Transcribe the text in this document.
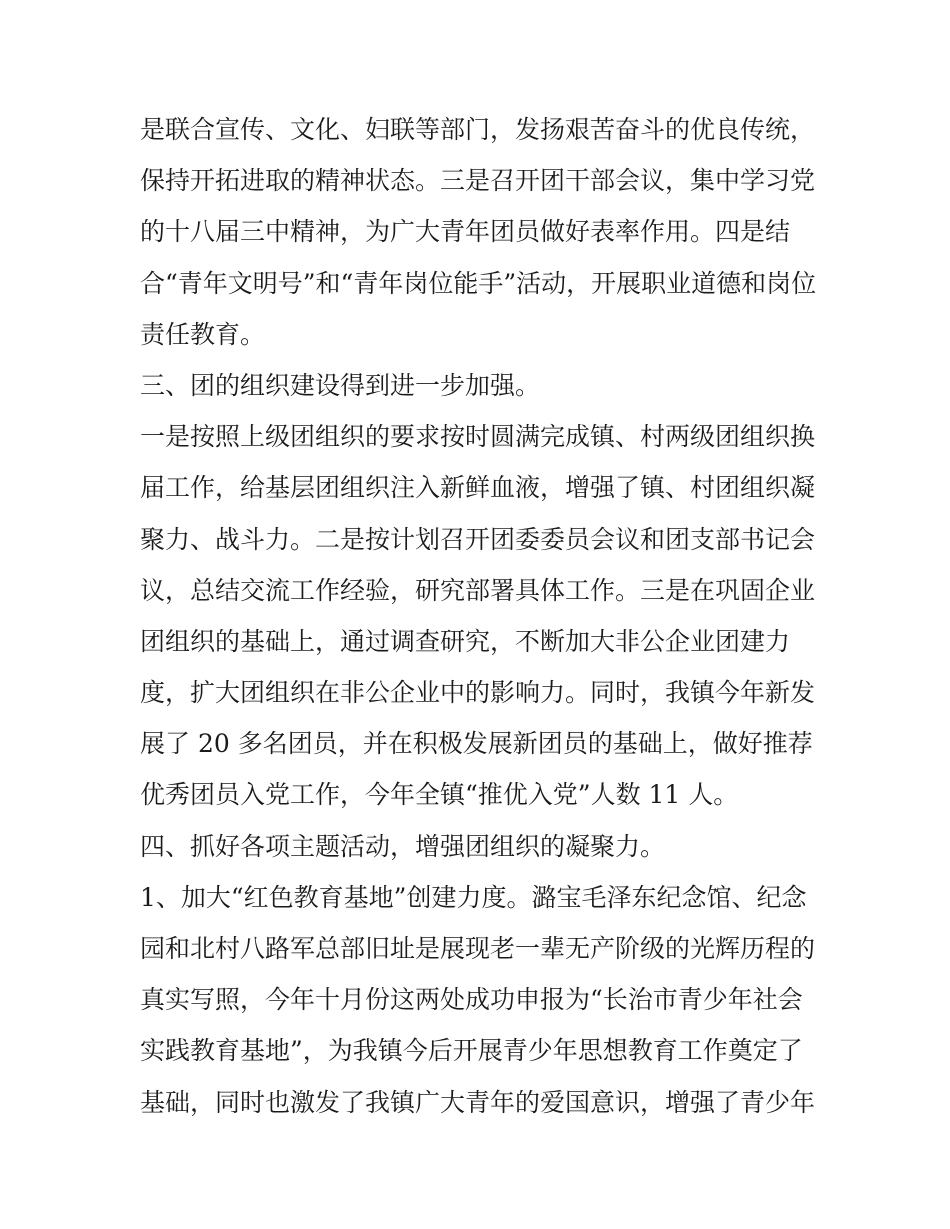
是联合宣传、文化、妇联等部门，发扬艰苦奋斗的优良传统，
保持开拓进取的精神状态。三是召开团干部会议，集中学习党
的十八届三中精神，为广大青年团员做好表率作用。四是结
合“青年文明号”和“青年岗位能手”活动，开展职业道德和岗位
责任教育。
三、团的组织建设得到进一步加强。
一是按照上级团组织的要求按时圆满完成镇、村两级团组织换
届工作，给基层团组织注入新鲜血液，增强了镇、村团组织凝
聚力、战斗力。二是按计划召开团委委员会议和团支部书记会
议，总结交流工作经验，研究部署具体工作。三是在巩固企业
团组织的基础上，通过调查研究，不断加大非公企业团建力
度，扩大团组织在非公企业中的影响力。同时，我镇今年新发
展了 20 多名团员，并在积极发展新团员的基础上，做好推荐
优秀团员入党工作，今年全镇“推优入党”人数 11 人。
四、抓好各项主题活动，增强团组织的凝聚力。
1、加大“红色教育基地”创建力度。潞宝毛泽东纪念馆、纪念
园和北村八路军总部旧址是展现老一辈无产阶级的光辉历程的
真实写照，今年十月份这两处成功申报为“长治市青少年社会
实践教育基地”，为我镇今后开展青少年思想教育工作奠定了
基础，同时也激发了我镇广大青年的爱国意识，增强了青少年
